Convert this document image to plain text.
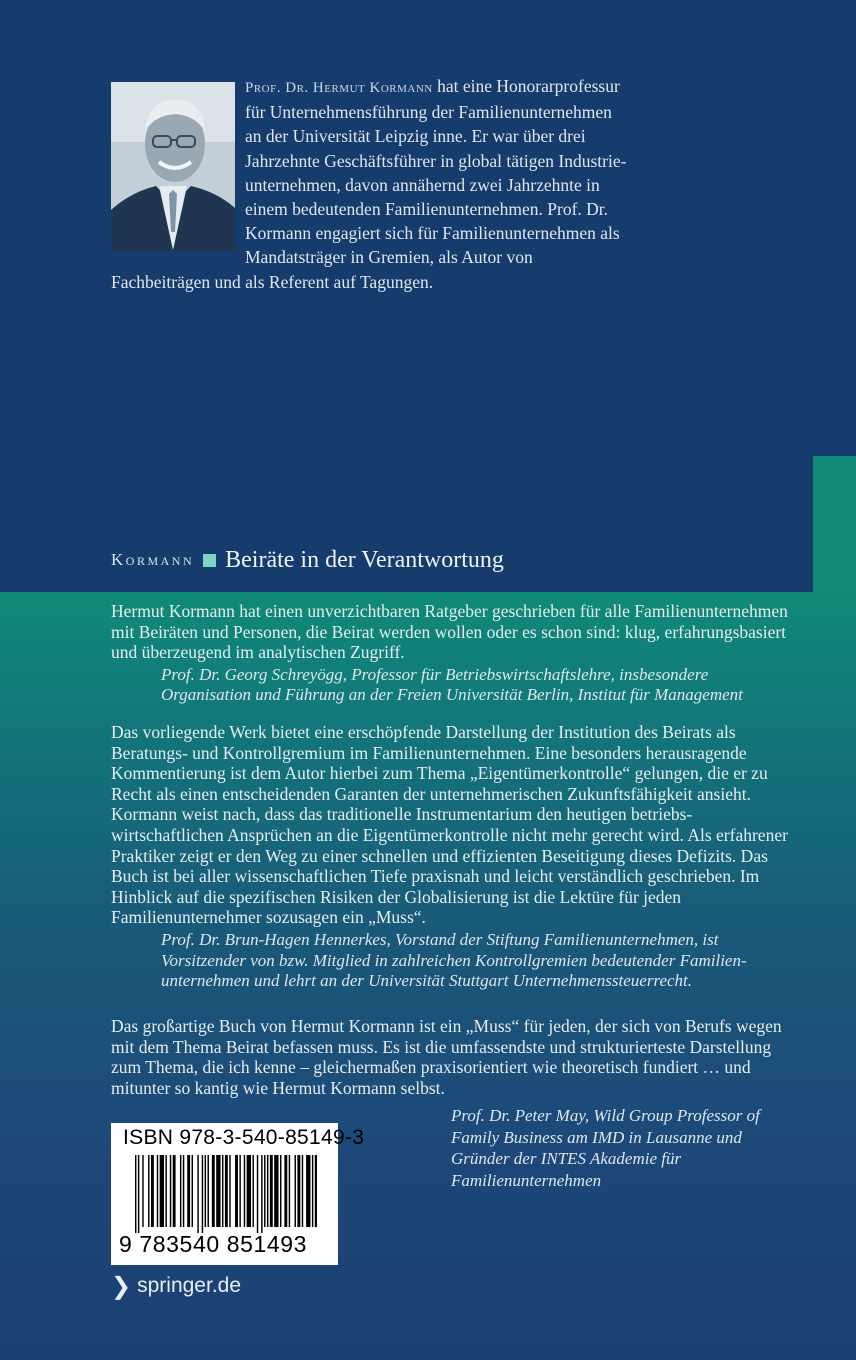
Prof. Dr. Hermut Kormann hat eine Honorarprofessur für Unternehmensführung der Familienunternehmen an der Universität Leipzig inne. Er war über drei Jahrzehnte Geschäftsführer in global tätigen Industrieunternehmen, davon annähernd zwei Jahrzehnte in einem bedeutenden Familienunternehmen. Prof. Dr. Kormann engagiert sich für Familienunternehmen als Mandatsträger in Gremien, als Autor von Fachbeiträgen und als Referent auf Tagungen.
Kormann Beiräte in der Verantwortung

Hermut Kormann hat einen unverzichtbaren Ratgeber geschrieben für alle Familienunternehmen mit Beiräten und Personen, die Beirat werden wollen oder es schon sind: klug, erfahrungsbasiert und überzeugend im analytischen Zugriff.

Prof. Dr. Georg Schreyögg, Professor für Betriebswirtschaftslehre, insbesondere Organisation und Führung an der Freien Universität Berlin, Institut für Management

Das vorliegende Werk bietet eine erschöpfende Darstellung der Institution des Beirats als Beratungs- und Kontrollgremium im Familienunternehmen. Eine besonders herausragende Kommentierung ist dem Autor hierbei zum Thema „Eigentümerkontrolle“ gelungen, die er zu Recht als einen entscheidenden Garanten der unternehmerischen Zukunftsfähigkeit ansieht. Kormann weist nach, dass das traditionelle Instrumentarium den heutigen betriebswirtschaftlichen Ansprüchen an die Eigentümerkontrolle nicht mehr gerecht wird. Als erfahrener Praktiker zeigt er den Weg zu einer schnellen und effizienten Beseitigung dieses Defizits. Das Buch ist bei aller wissenschaftlichen Tiefe praxisnah und leicht verständlich geschrieben. Im Hinblick auf die spezifischen Risiken der Globalisierung ist die Lektüre für jeden Familienunternehmer sozusagen ein „Muss“.

Prof. Dr. Brun-Hagen Hennerkes, Vorstand der Stiftung Familienunternehmen, ist Vorsitzender von bzw. Mitglied in zahlreichen Kontrollgremien bedeutender Familienunternehmen und lehrt an der Universität Stuttgart Unternehmenssteuerrecht.

Das großartige Buch von Hermut Kormann ist ein „Muss“ für jeden, der sich von Berufs wegen mit dem Thema Beirat befassen muss. Es ist die umfassendste und strukturierteste Darstellung zum Thema, die ich kenne – gleichermaßen praxisorientiert wie theoretisch fundiert … und mitunter so kantig wie Hermut Kormann selbst.

Prof. Dr. Peter May, Wild Group Professor of Family Business am IMD in Lausanne und Gründer der INTES Akademie für Familienunternehmen
ISBN 978-3-540-85149-3
9 783540 851493
❯ springer.de
